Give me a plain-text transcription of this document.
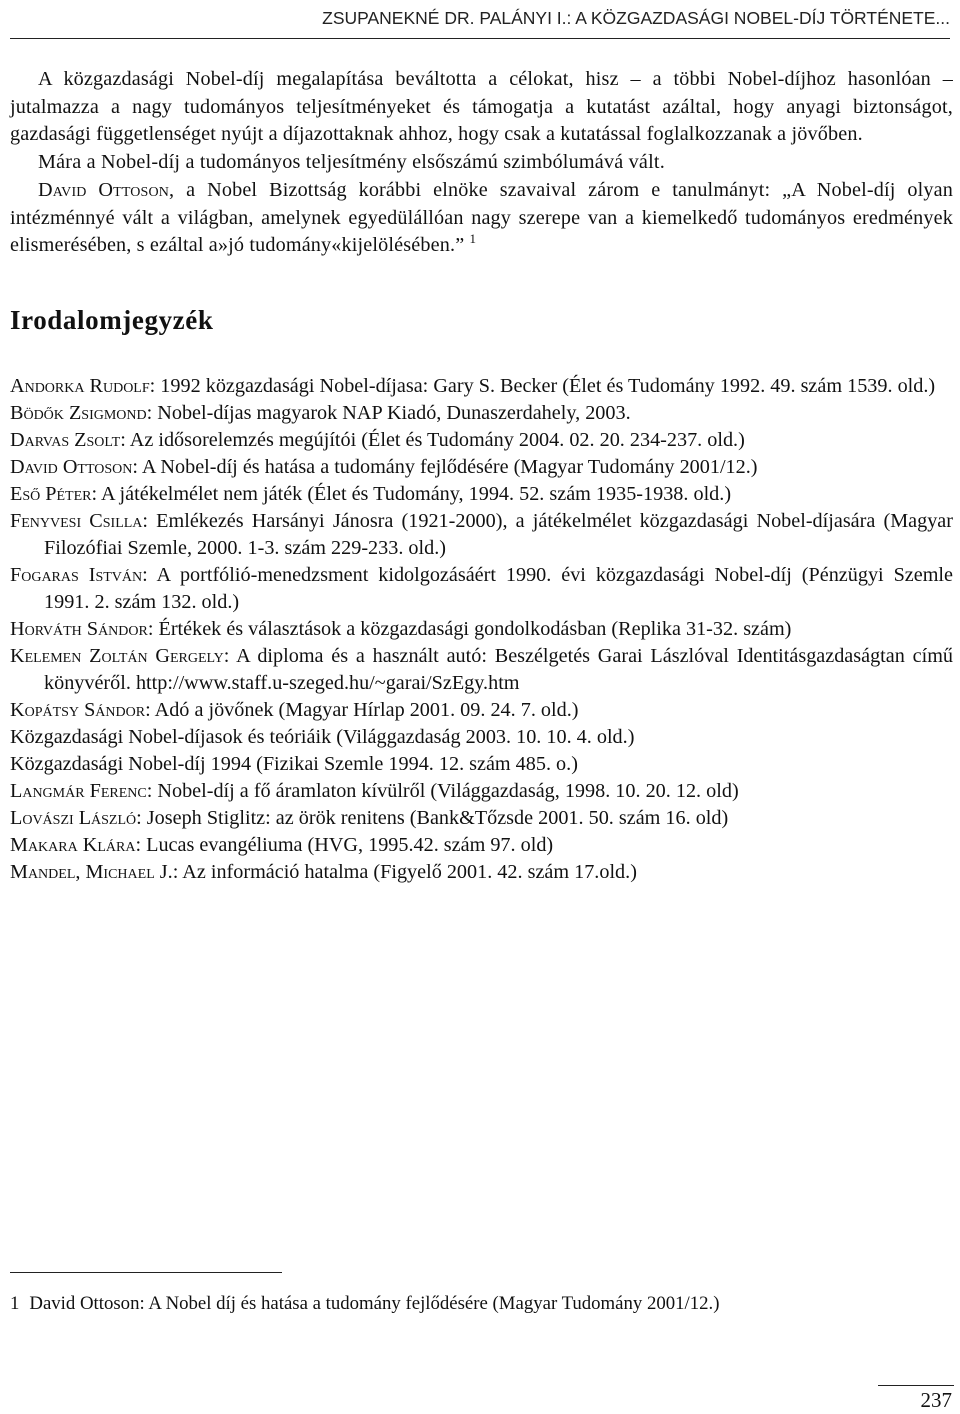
ZSUPANEKNÉ DR. PALÁNYI I.: A KÖZGAZDASÁGI NOBEL-DÍJ TÖRTÉNETE...

A közgazdasági Nobel-díj megalapítása beváltotta a célokat, hisz – a többi Nobel-díjhoz hasonlóan – jutalmazza a nagy tudományos teljesítményeket és támogatja a kutatást azáltal, hogy anyagi biztonságot, gazdasági függetlenséget nyújt a díjazottaknak ahhoz, hogy csak a kutatással foglalkozzanak a jövőben.

Mára a Nobel-díj a tudományos teljesítmény elsőszámú szimbólumává vált.

David Ottoson, a Nobel Bizottság korábbi elnöke szavaival zárom e tanulmányt: „A Nobel-díj olyan intézménnyé vált a világban, amelynek egyedülállóan nagy szerepe van a kiemelkedő tudományos eredmények elismerésében, s ezáltal a»jó tudomány«kijelölésében.” $^1$

Irodalomjegyzék

Andorka Rudolf: 1992 közgazdasági Nobel-díjasa: Gary S. Becker (Élet és Tudomány 1992. 49. szám 1539. old.)

Bödők Zsigmond: Nobel-díjas magyarok NAP Kiadó, Dunaszerdahely, 2003.

Darvas Zsolt: Az idősorelemzés megújítói (Élet és Tudomány 2004. 02. 20. 234-237. old.)

David Ottoson: A Nobel-díj és hatása a tudomány fejlődésére (Magyar Tudomány 2001/12.)

Eső Péter: A játékelmélet nem játék (Élet és Tudomány, 1994. 52. szám 1935-1938. old.)

Fenyvesi Csilla: Emlékezés Harsányi Jánosra (1921-2000), a játékelmélet közgazdasági Nobel-díjasára (Magyar Filozófiai Szemle, 2000. 1-3. szám 229-233. old.)

Fogaras István: A portfólió-menedzsment kidolgozásáért 1990. évi közgazdasági Nobel-díj (Pénzügyi Szemle 1991. 2. szám 132. old.)

Horváth Sándor: Értékek és választások a közgazdasági gondolkodásban (Replika 31-32. szám)

Kelemen Zoltán Gergely: A diploma és a használt autó: Beszélgetés Garai Lászlóval Identitásgazdaságtan című könyvéről. http://www.staff.u-szeged.hu/~garai/SzEgy.htm

Kopátsy Sándor: Adó a jövőnek (Magyar Hírlap 2001. 09. 24. 7. old.)

Közgazdasági Nobel-díjasok és teóriáik (Világgazdaság 2003. 10. 10. 4. old.)

Közgazdasági Nobel-díj 1994 (Fizikai Szemle 1994. 12. szám 485. o.)

Langmár Ferenc: Nobel-díj a fő áramlaton kívülről (Világgazdaság, 1998. 10. 20. 12. old)

Lovászi László: Joseph Stiglitz: az örök renitens (Bank&Tőzsde 2001. 50. szám 16. old)

Makara Klára: Lucas evangéliuma (HVG, 1995.42. szám 97. old)

Mandel, Michael J.: Az információ hatalma (Figyelő 2001. 42. szám 17.old.)

1 David Ottoson: A Nobel díj és hatása a tudomány fejlődésére (Magyar Tudomány 2001/12.)
237
